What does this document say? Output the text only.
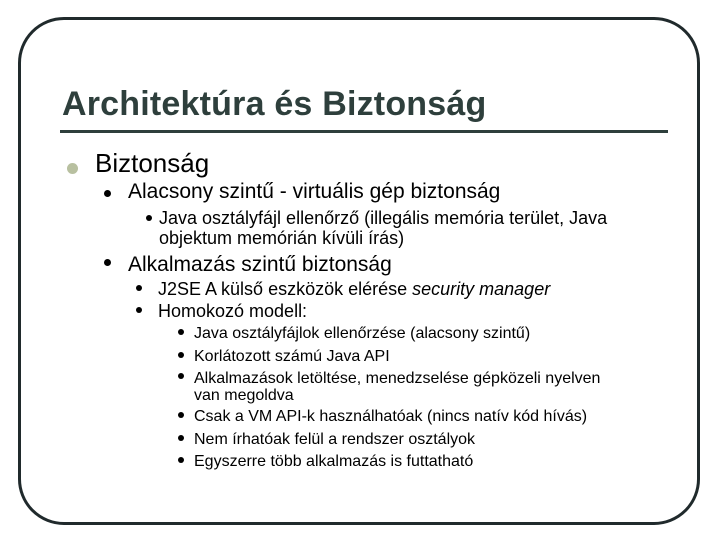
Architektúra és Biztonság
Biztonság
Alacsony szintű - virtuális gép biztonság
Java osztályfájl ellenőrző (illegális memória terület, Java
objektum memórián kívüli írás)
Alkalmazás szintű biztonság
J2SE A külső eszközök elérése security manager
Homokozó modell:
Java osztályfájlok ellenőrzése (alacsony szintű)
Korlátozott számú Java API
Alkalmazások letöltése, menedzselése gépközeli nyelven
van megoldva
Csak a VM API-k használhatóak (nincs natív kód hívás)
Nem írhatóak felül a rendszer osztályok
Egyszerre több alkalmazás is futtatható
